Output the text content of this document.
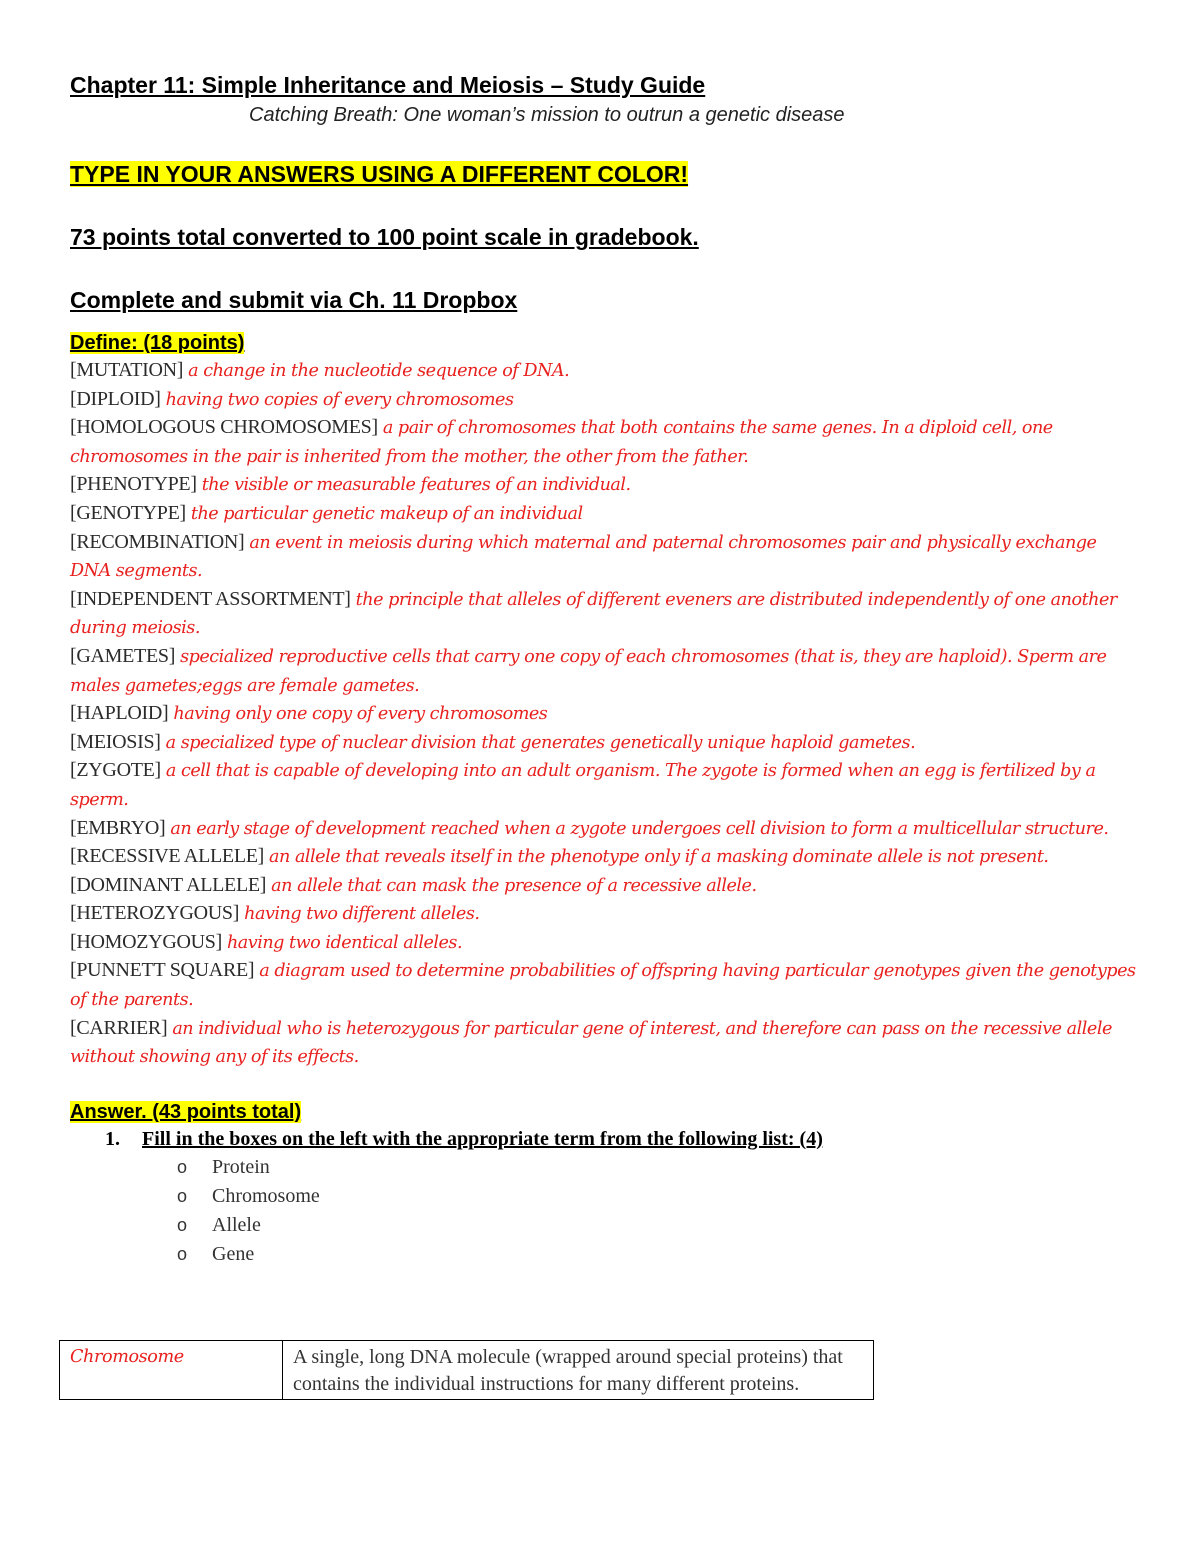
Chapter 11: Simple Inheritance and Meiosis – Study Guide

Catching Breath: One woman’s mission to outrun a genetic disease

TYPE IN YOUR ANSWERS USING A DIFFERENT COLOR!

73 points total converted to 100 point scale in gradebook.

Complete and submit via Ch. 11 Dropbox

Define: (18 points)

[MUTATION] a change in the nucleotide sequence of DNA.

[DIPLOID] having two copies of every chromosomes

[HOMOLOGOUS CHROMOSOMES] a pair of chromosomes that both contains the same genes. In a diploid cell, one chromosomes in the pair is inherited from the mother, the other from the father.

[PHENOTYPE] the visible or measurable features of an individual.

[GENOTYPE] the particular genetic makeup of an individual

[RECOMBINATION] an event in meiosis during which maternal and paternal chromosomes pair and physically exchange DNA segments.

[INDEPENDENT ASSORTMENT] the principle that alleles of different eveners are distributed independently of one another during meiosis.

[GAMETES] specialized reproductive cells that carry one copy of each chromosomes (that is, they are haploid). Sperm are males gametes;eggs are female gametes.

[HAPLOID] having only one copy of every chromosomes

[MEIOSIS] a specialized type of nuclear division that generates genetically unique haploid gametes.

[ZYGOTE] a cell that is capable of developing into an adult organism. The zygote is formed when an egg is fertilized by a sperm.

[EMBRYO] an early stage of development reached when a zygote undergoes cell division to form a multicellular structure.

[RECESSIVE ALLELE] an allele that reveals itself in the phenotype only if a masking dominate allele is not present.

[DOMINANT ALLELE] an allele that can mask the presence of a recessive allele.

[HETEROZYGOUS] having two different alleles.

[HOMOZYGOUS] having two identical alleles.

[PUNNETT SQUARE] a diagram used to determine probabilities of offspring having particular genotypes given the genotypes of the parents.

[CARRIER] an individual who is heterozygous for particular gene of interest, and therefore can pass on the recessive allele without showing any of its effects.

Answer. (43 points total)

1. Fill in the boxes on the left with the appropriate term from the following list: (4)

o Protein
o Chromosome
o Allele
o Gene
Chromosome	A single, long DNA molecule (wrapped around special proteins) that contains the individual instructions for many different proteins.
